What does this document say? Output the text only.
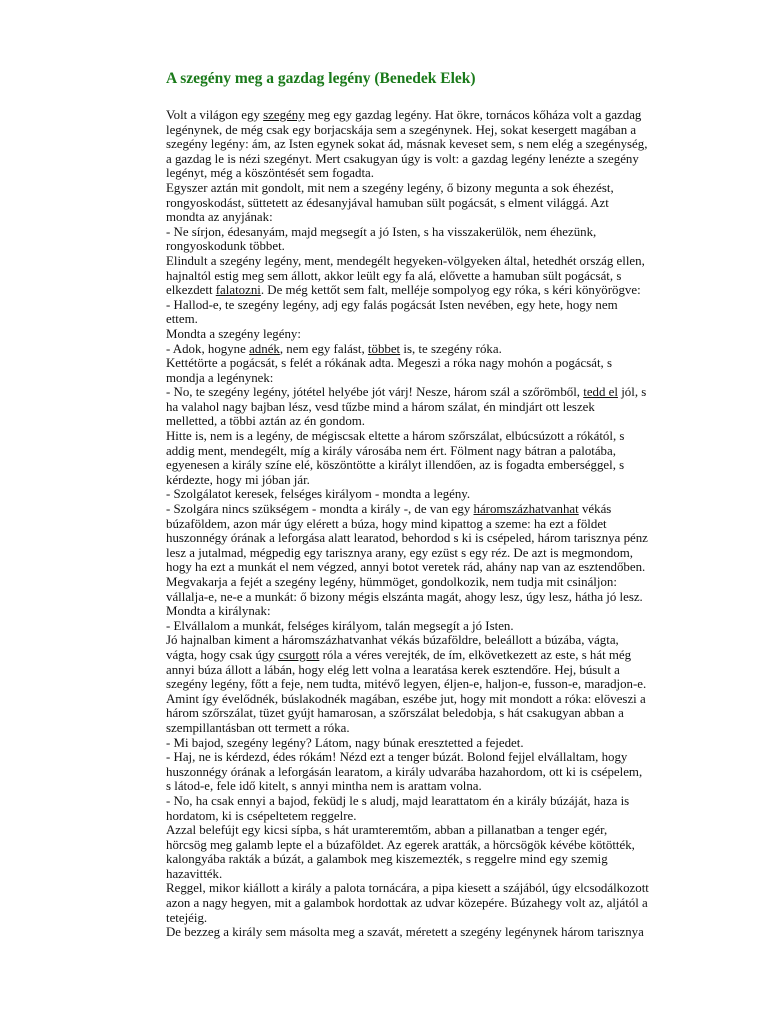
A szegény meg a gazdag legény (Benedek Elek)
Volt a világon egy szegény meg egy gazdag legény. Hat ökre, tornácos kőháza volt a gazdag
legénynek, de még csak egy borjacskája sem a szegénynek. Hej, sokat kesergett magában a
szegény legény: ám, az Isten egynek sokat ád, másnak keveset sem, s nem elég a szegénység,
a gazdag le is nézi szegényt. Mert csakugyan úgy is volt: a gazdag legény lenézte a szegény
legényt, még a köszöntését sem fogadta.
Egyszer aztán mit gondolt, mit nem a szegény legény, ő bizony megunta a sok éhezést,
rongyoskodást, süttetett az édesanyjával hamuban sült pogácsát, s elment világgá. Azt
mondta az anyjának:
- Ne sírjon, édesanyám, majd megsegít a jó Isten, s ha visszakerülök, nem éhezünk,
rongyoskodunk többet.
Elindult a szegény legény, ment, mendegélt hegyeken-völgyeken által, hetedhét ország ellen,
hajnaltól estig meg sem állott, akkor leült egy fa alá, elővette a hamuban sült pogácsát, s
elkezdett falatozni. De még kettőt sem falt, melléje sompolyog egy róka, s kéri könyörögve:
- Hallod-e, te szegény legény, adj egy falás pogácsát Isten nevében, egy hete, hogy nem
ettem.
Mondta a szegény legény:
- Adok, hogyne adnék, nem egy falást, többet is, te szegény róka.
Kettétörte a pogácsát, s felét a rókának adta. Megeszi a róka nagy mohón a pogácsát, s
mondja a legénynek:
- No, te szegény legény, jótétel helyébe jót várj! Nesze, három szál a szőrömből, tedd el jól, s
ha valahol nagy bajban lész, vesd tűzbe mind a három szálat, én mindjárt ott leszek
melletted, a többi aztán az én gondom.
Hitte is, nem is a legény, de mégiscsak eltette a három szőrszálat, elbúcsúzott a rókától, s
addig ment, mendegélt, míg a király városába nem ért. Fölment nagy bátran a palotába,
egyenesen a király színe elé, köszöntötte a királyt illendően, az is fogadta emberséggel, s
kérdezte, hogy mi jóban jár.
- Szolgálatot keresek, felséges királyom - mondta a legény.
- Szolgára nincs szükségem - mondta a király -, de van egy háromszázhatvanhat vékás
búzaföldem, azon már úgy elérett a búza, hogy mind kipattog a szeme: ha ezt a földet
huszonnégy órának a leforgása alatt learatod, behordod s ki is csépeled, három tarisznya pénz
lesz a jutalmad, mégpedig egy tarisznya arany, egy ezüst s egy réz. De azt is megmondom,
hogy ha ezt a munkát el nem végzed, annyi botot veretek rád, ahány nap van az esztendőben.
Megvakarja a fejét a szegény legény, hümmöget, gondolkozik, nem tudja mit csináljon:
vállalja-e, ne-e a munkát: ő bizony mégis elszánta magát, ahogy lesz, úgy lesz, hátha jó lesz.
Mondta a királynak:
- Elvállalom a munkát, felséges királyom, talán megsegít a jó Isten.
Jó hajnalban kiment a háromszázhatvanhat vékás búzaföldre, beleállott a búzába, vágta,
vágta, hogy csak úgy csurgott róla a véres verejték, de ím, elkövetkezett az este, s hát még
annyi búza állott a lábán, hogy elég lett volna a learatása kerek esztendőre. Hej, búsult a
szegény legény, főtt a feje, nem tudta, mitévő legyen, éljen-e, haljon-e, fusson-e, maradjon-e.
Amint így évelődnék, búslakodnék magában, eszébe jut, hogy mit mondott a róka: elöveszi a
három szőrszálat, tüzet gyújt hamarosan, a szőrszálat beledobja, s hát csakugyan abban a
szempillantásban ott termett a róka.
- Mi bajod, szegény legény? Látom, nagy búnak eresztetted a fejedet.
- Haj, ne is kérdezd, édes rókám! Nézd ezt a tenger búzát. Bolond fejjel elvállaltam, hogy
huszonnégy órának a leforgásán learatom, a király udvarába hazahordom, ott ki is csépelem,
s látod-e, fele idő kitelt, s annyi mintha nem is arattam volna.
- No, ha csak ennyi a bajod, feküdj le s aludj, majd learattatom én a király búzáját, haza is
hordatom, ki is csépeltetem reggelre.
Azzal belefújt egy kicsi sípba, s hát uramteremtőm, abban a pillanatban a tenger egér,
hörcsög meg galamb lepte el a búzaföldet. Az egerek aratták, a hörcsögök kévébe kötötték,
kalongyába rakták a búzát, a galambok meg kiszemezték, s reggelre mind egy szemig
hazavitték.
Reggel, mikor kiállott a király a palota tornácára, a pipa kiesett a szájából, úgy elcsodálkozott
azon a nagy hegyen, mit a galambok hordottak az udvar közepére. Búzahegy volt az, aljától a
tetejéig.
De bezzeg a király sem másolta meg a szavát, méretett a szegény legénynek három tarisznya
